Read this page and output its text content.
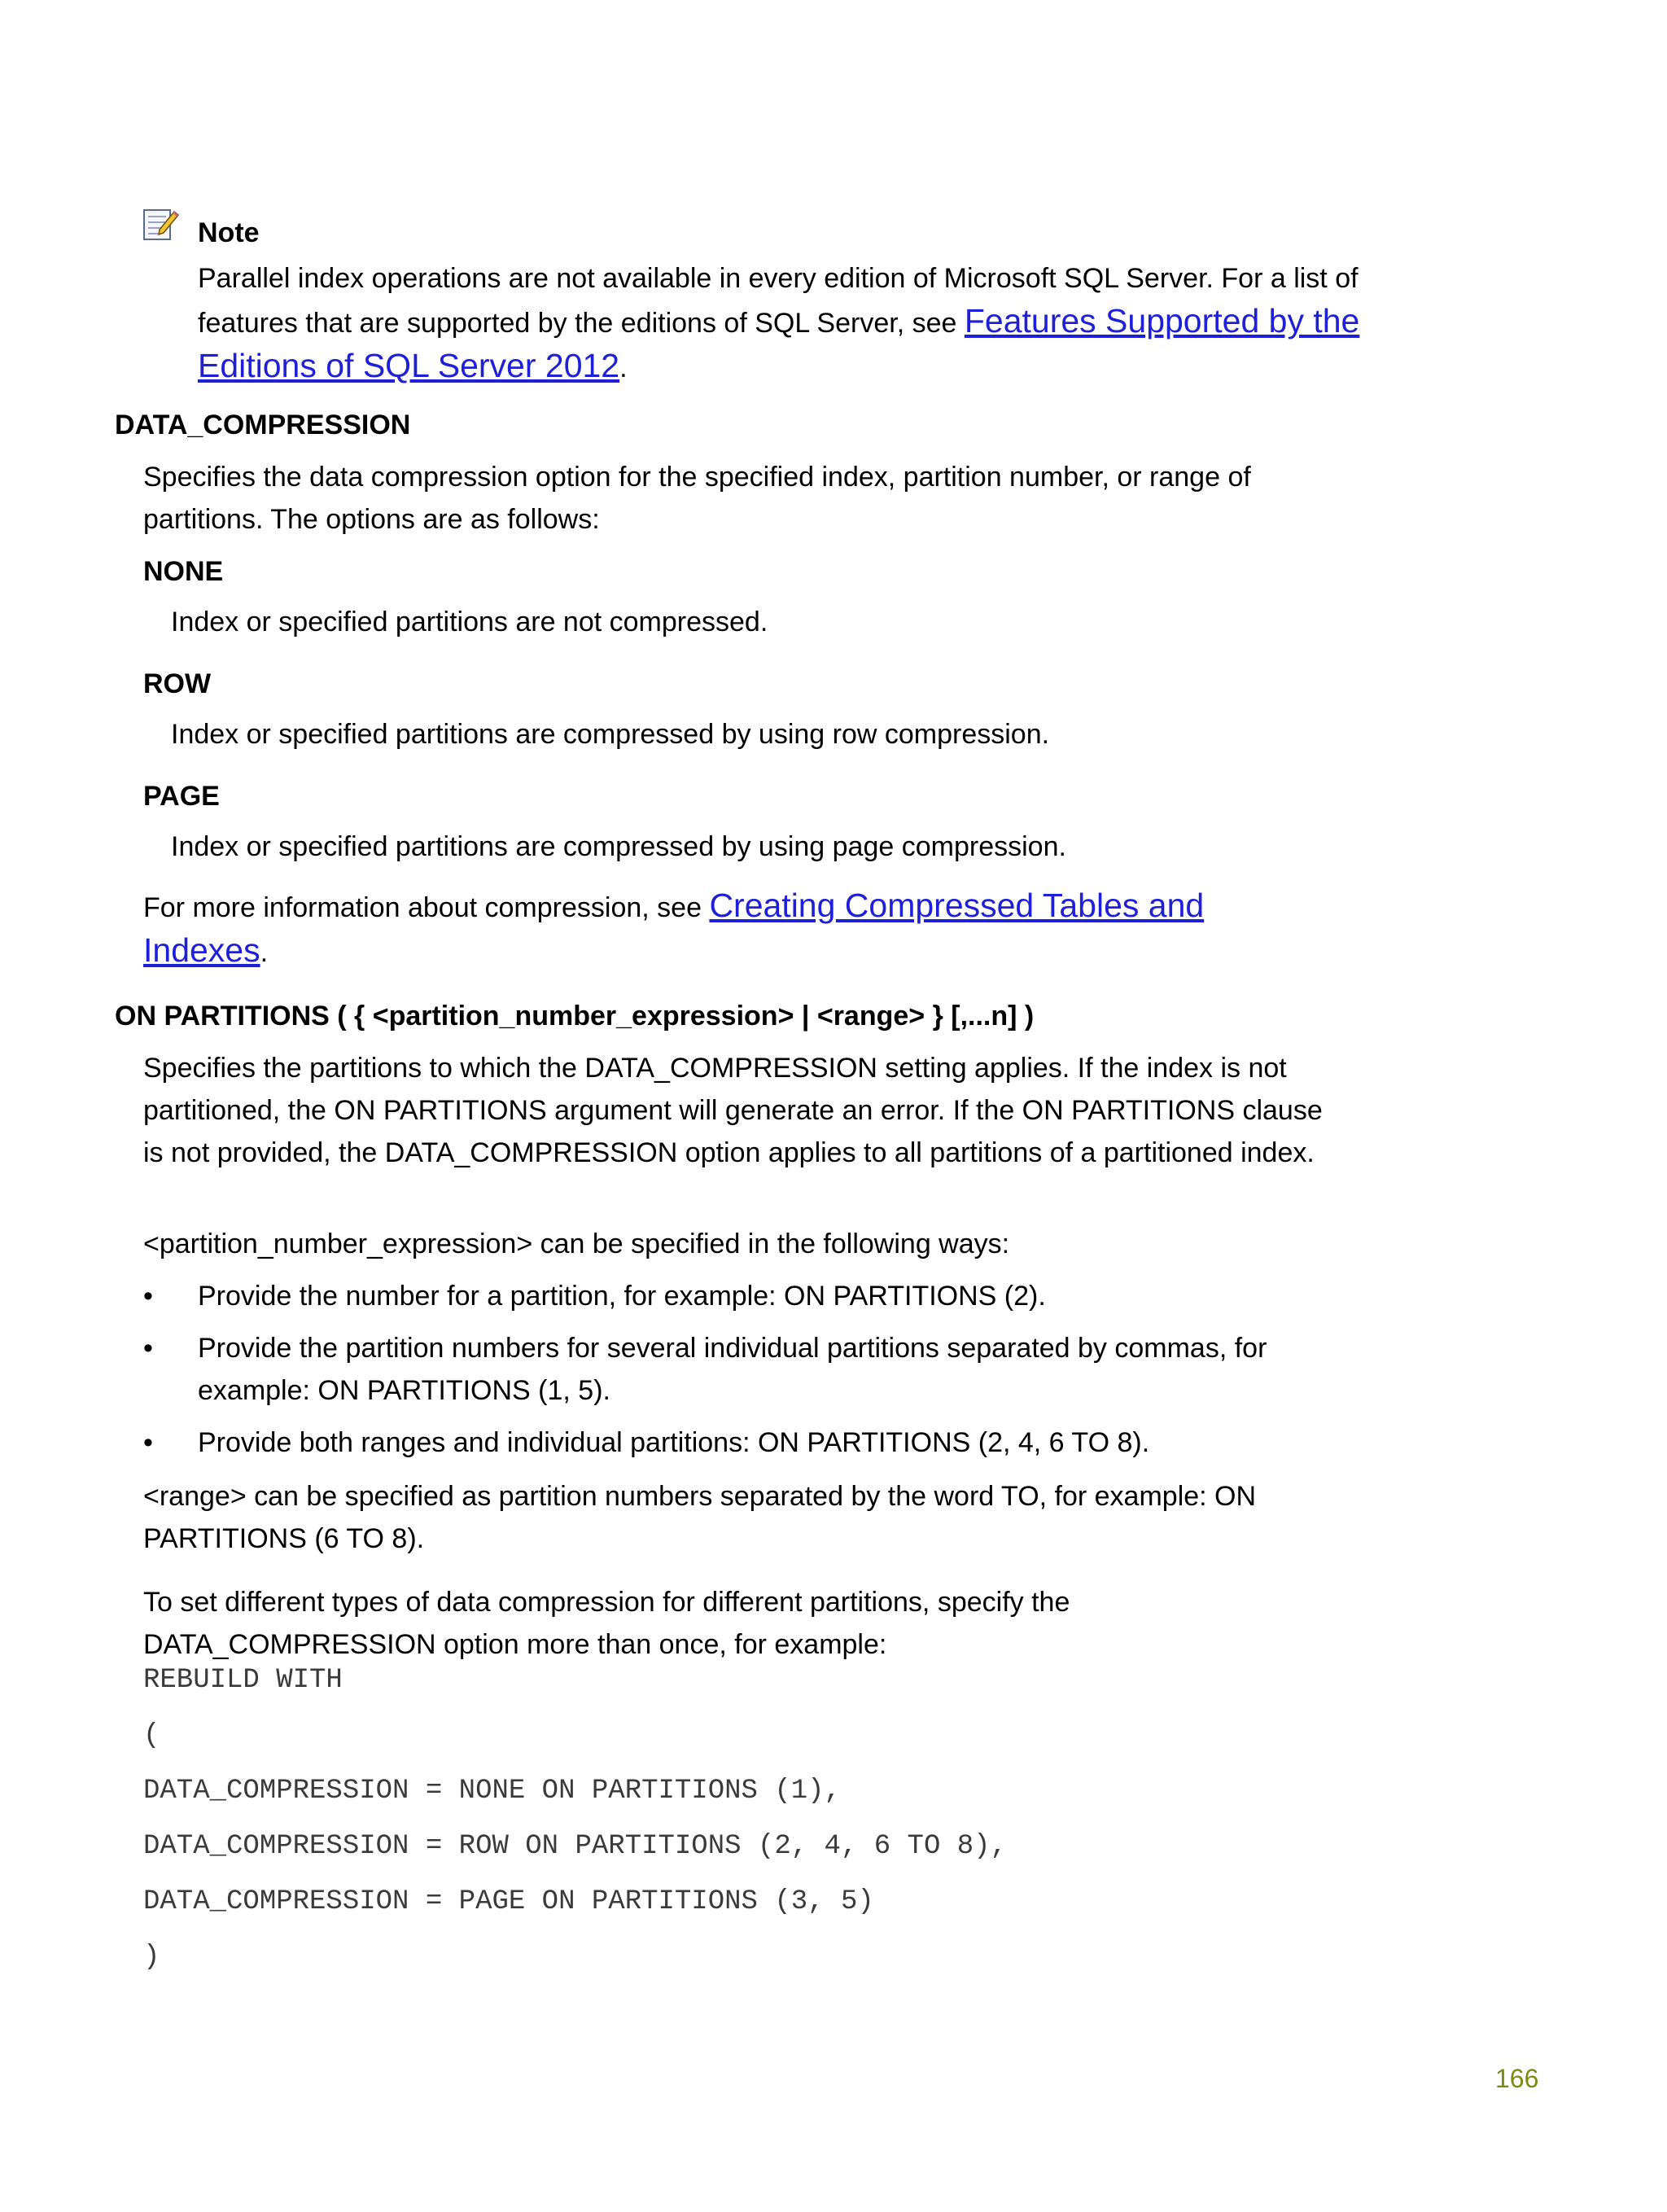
Note
Parallel index operations are not available in every edition of Microsoft SQL Server. For a list of features that are supported by the editions of SQL Server, see Features Supported by the Editions of SQL Server 2012.
DATA_COMPRESSION
Specifies the data compression option for the specified index, partition number, or range of partitions. The options are as follows:
NONE
Index or specified partitions are not compressed.
ROW
Index or specified partitions are compressed by using row compression.
PAGE
Index or specified partitions are compressed by using page compression.
For more information about compression, see Creating Compressed Tables and Indexes.
ON PARTITIONS ( { <partition_number_expression> | <range> } [,...n] )
Specifies the partitions to which the DATA_COMPRESSION setting applies. If the index is not partitioned, the ON PARTITIONS argument will generate an error. If the ON PARTITIONS clause is not provided, the DATA_COMPRESSION option applies to all partitions of a partitioned index.
<partition_number_expression> can be specified in the following ways:
• Provide the number for a partition, for example: ON PARTITIONS (2).
• Provide the partition numbers for several individual partitions separated by commas, for example: ON PARTITIONS (1, 5).
• Provide both ranges and individual partitions: ON PARTITIONS (2, 4, 6 TO 8).
<range> can be specified as partition numbers separated by the word TO, for example: ON PARTITIONS (6 TO 8).
To set different types of data compression for different partitions, specify the DATA_COMPRESSION option more than once, for example:
REBUILD WITH
(
DATA_COMPRESSION = NONE ON PARTITIONS (1),
DATA_COMPRESSION = ROW ON PARTITIONS (2, 4, 6 TO 8),
DATA_COMPRESSION = PAGE ON PARTITIONS (3, 5)
)
166
